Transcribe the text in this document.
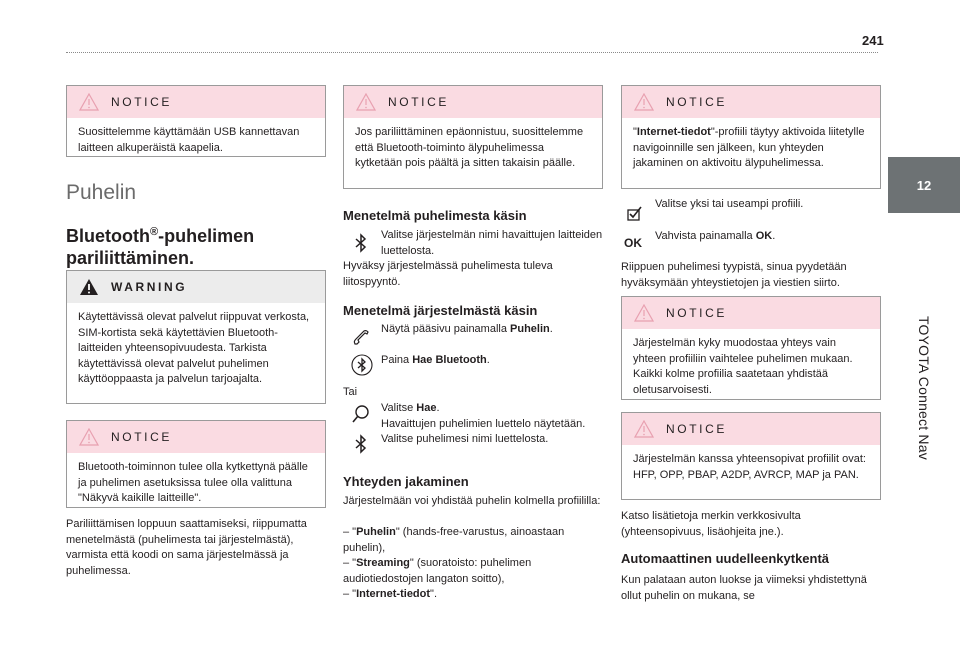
241
12
TOYOTA Connect Nav
NOTICE
Suosittelemme käyttämään USB kannettavan laitteen alkuperäistä kaapelia.
Puhelin
Bluetooth®-puhelimen pariliittäminen.
WARNING
Käytettävissä olevat palvelut riippuvat verkosta, SIM-kortista sekä käytettävien Bluetooth-laitteiden yhteensopivuudesta. Tarkista käytettävissä olevat palvelut puhelimen käyttöoppaasta ja palvelun tarjoajalta.
NOTICE
Bluetooth-toiminnon tulee olla kytkettynä päälle ja puhelimen asetuksissa tulee olla valittuna "Näkyvä kaikille laitteille".
Pariliittämisen loppuun saattamiseksi, riippumatta menetelmästä (puhelimesta tai järjestelmästä), varmista että koodi on sama järjestelmässä ja puhelimessa.
NOTICE
Jos pariliittäminen epäonnistuu, suosittelemme että Bluetooth-toiminto älypuhelimessa kytketään pois päältä ja sitten takaisin päälle.
Menetelmä puhelimesta käsin
Valitse järjestelmän nimi havaittujen laitteiden luettelosta.
Hyväksy järjestelmässä puhelimesta tuleva liitospyyntö.
Menetelmä järjestelmästä käsin
Näytä pääsivu painamalla Puhelin.
Paina Hae Bluetooth.
Tai
Valitse Hae.
Havaittujen puhelimien luettelo näytetään.
Valitse puhelimesi nimi luettelosta.
Yhteyden jakaminen
Järjestelmään voi yhdistää puhelin kolmella profiililla:
– "Puhelin" (hands-free-varustus, ainoastaan puhelin),
– "Streaming" (suoratoisto: puhelimen audiotiedostojen langaton soitto),
– "Internet-tiedot".
NOTICE
"Internet-tiedot"-profiili täytyy aktivoida liitetylle navigoinnille sen jälkeen, kun yhteyden jakaminen on aktivoitu älypuhelimessa.
Valitse yksi tai useampi profiili.
OK Vahvista painamalla OK.
Riippuen puhelimesi tyypistä, sinua pyydetään hyväksymään yhteystietojen ja viestien siirto.
NOTICE
Järjestelmän kyky muodostaa yhteys vain yhteen profiiliin vaihtelee puhelimen mukaan. Kaikki kolme profiilia saatetaan yhdistää oletusarvoisesti.
NOTICE
Järjestelmän kanssa yhteensopivat profiilit ovat: HFP, OPP, PBAP, A2DP, AVRCP, MAP ja PAN.
Katso lisätietoja merkin verkkosivulta (yhteensopivuus, lisäohjeita jne.).
Automaattinen uudelleenkytkentä
Kun palataan auton luokse ja viimeksi yhdistettynä ollut puhelin on mukana, se
